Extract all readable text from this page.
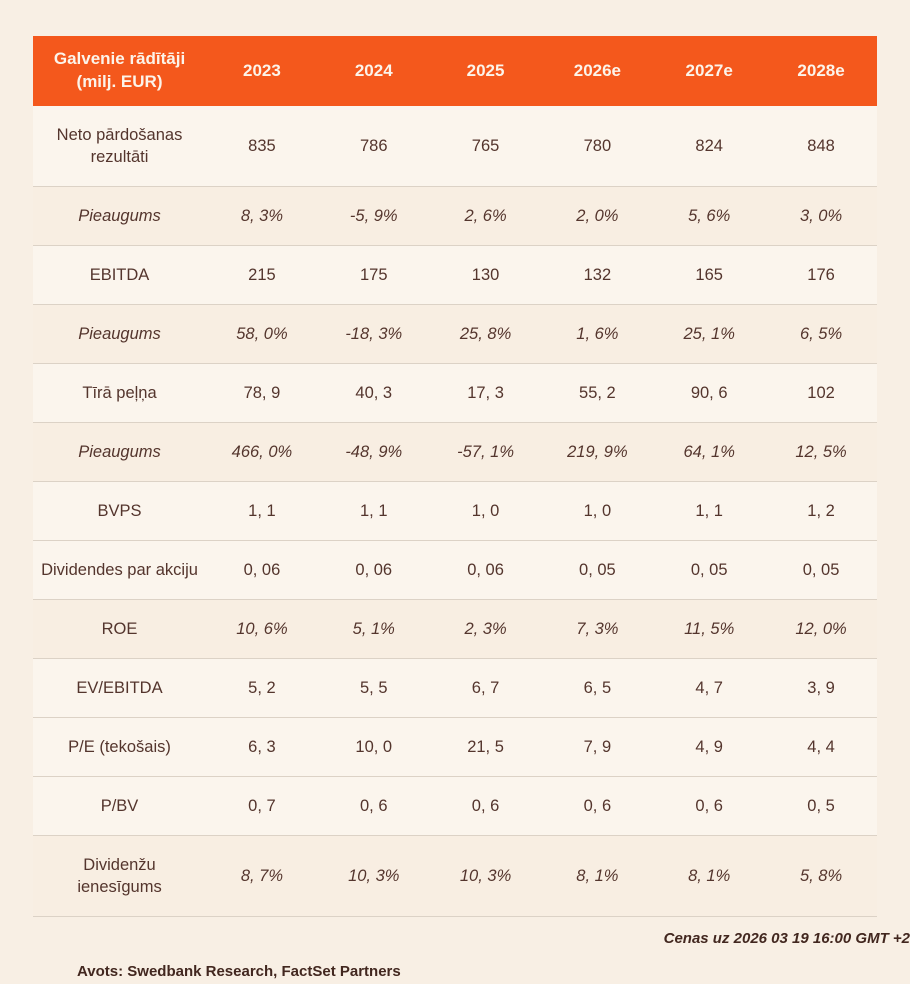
Galvenie rādītāji (milj. EUR)	2023	2024	2025	2026e	2027e	2028e
Neto pārdošanas rezultāti	835	786	765	780	824	848
Pieaugums	8, 3%	-5, 9%	2, 6%	2, 0%	5, 6%	3, 0%
EBITDA	215	175	130	132	165	176
Pieaugums	58, 0%	-18, 3%	25, 8%	1, 6%	25, 1%	6, 5%
Tīrā peļņa	78, 9	40, 3	17, 3	55, 2	90, 6	102
Pieaugums	466, 0%	-48, 9%	-57, 1%	219, 9%	64, 1%	12, 5%
BVPS	1, 1	1, 1	1, 0	1, 0	1, 1	1, 2
Dividendes par akciju	0, 06	0, 06	0, 06	0, 05	0, 05	0, 05
ROE	10, 6%	5, 1%	2, 3%	7, 3%	11, 5%	12, 0%
EV/EBITDA	5, 2	5, 5	6, 7	6, 5	4, 7	3, 9
P/E (tekošais)	6, 3	10, 0	21, 5	7, 9	4, 9	4, 4
P/BV	0, 7	0, 6	0, 6	0, 6	0, 6	0, 5
Dividenžu ienesīgums	8, 7%	10, 3%	10, 3%	8, 1%	8, 1%	5, 8%
Cenas uz 2026 03 19 16:00 GMT +2
Avots: Swedbank Research, FactSet Partners
